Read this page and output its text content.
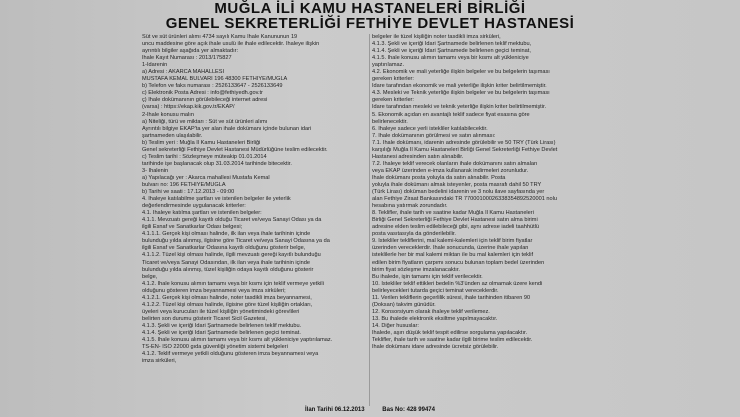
MUĞLA İLİ KAMU HASTANELERİ BİRLİĞİ
GENEL SEKRETERLİĞİ FETHİYE DEVLET HASTANESİ
Süt ve süt ürünleri alımı 4734 sayılı Kamu İhale Kanununun 19
uncu maddesine göre açık ihale usulü ile ihale edilecektir. İhaleye ilişkin
ayrıntılı bilgiler aşağıda yer almaktadır:
İhale Kayıt Numarası : 2013/175827
1-İdarenin
a) Adresi : AKARCA MAHALLESİ
MUSTAFA KEMAL BULVARI 196 48300 FETHİYE/MUĞLA
b) Telefon ve faks numarası : 2526133647 - 2526133649
c) Elektronik Posta Adresi : info@fethiyedh.gov.tr
ç) İhale dokümanının görülebileceği internet adresi
(varsa) : https://ekap.kik.gov.tr/EKAP/
2-İhale konusu malın
a) Niteliği, türü ve miktarı : Süt ve süt ürünleri alımı
Ayrıntılı bilgiye EKAP'ta yer alan ihale dokümanı içinde bulunan idari
şartnameden ulaşılabilir.
b) Teslim yeri : Muğla İl Kamu Hastaneleri Birliği
Genel sekreterliği Fethiye Devlet Hastanesi Müdürlüğüne teslim edilecektir.
c) Teslim tarihi : Sözleşmeye müteakip 01.01.2014
tarihinde işe başlanacak olup 31.03.2014 tarihinde bitecektir.
3- İhalenin
a) Yapılacağı yer : Akarca mahallesi Mustafa Kemal
bulvarı no: 196 FETHİYE/MUĞLA
b) Tarihi ve saati : 17.12.2013 - 09:00
4. İhaleye katılabilme şartları ve istenilen belgeler ile yeterlik
değerlendirmesinde uygulanacak kriterler:
4.1. İhaleye katılma şartları ve istenilen belgeler:
4.1.1. Mevzuatı gereği kayıtlı olduğu Ticaret ve/veya Sanayi Odası ya da
ilgili Esnaf ve Sanatkarlar Odası belgesi;
4.1.1.1. Gerçek kişi olması halinde, ilk ilan veya ihale tarihinin içinde
bulunduğu yılda alınmış, ilgisine göre Ticaret ve/veya Sanayi Odasına ya da
ilgili Esnaf ve Sanatkarlar Odasına kayıtlı olduğunu gösterir belge,
4.1.1.2. Tüzel kişi olması halinde, ilgili mevzuatı gereği kayıtlı bulunduğu
Ticaret ve/veya Sanayi Odasından, ilk ilan veya ihale tarihinin içinde
bulunduğu yılda alınmış, tüzel kişiliğin odaya kayıtlı olduğunu gösterir
belge,
4.1.2. İhale konusu alımın tamamı veya bir kısmı için teklif vermeye yetkili
olduğunu gösteren imza beyannamesi veya imza sirküleri;
4.1.2.1. Gerçek kişi olması halinde, noter tasdikli imza beyannamesi,
4.1.2.2. Tüzel kişi olması halinde, ilgisine göre tüzel kişiliğin ortakları,
üyeleri veya kurucuları ile tüzel kişiliğin yönetimindeki görevlileri
belirten son durumu gösterir Ticaret Sicil Gazetesi,
4.1.3. Şekli ve içeriği İdari Şartnamede belirlenen teklif mektubu.
4.1.4. Şekli ve içeriği İdari Şartnamede belirlenen geçici teminat.
4.1.5. İhale konusu alımın tamamı veya bir kısmı alt yükleniciye yaptırılamaz.
TS-EN- ISO 22000 gıda güvenliği yönetim sistemi belgeleri
4.1.2. Teklif vermeye yetkili olduğunu gösteren imza beyannamesi veya
imza sirküleri,
belgeler ile tüzel kişiliğin noter tasdikli imza sirküleri,
4.1.3. Şekli ve içeriği İdari Şartnamede belirlenen teklif mektubu,
4.1.4. Şekli ve içeriği İdari Şartnamede belirlenen geçici teminat,
4.1.5. İhale konusu alımın tamamı veya bir kısmı alt yükleniciye
yaptırılamaz.
4.2. Ekonomik ve mali yeterliğe ilişkin belgeler ve bu belgelerin taşıması
gereken kriterler:
İdare tarafından ekonomik ve mali yeterliğe ilişkin kriter belirtilmemiştir.
4.3. Mesleki ve Teknik yeterliğe ilişkin belgeler ve bu belgelerin taşıması
gereken kriterler:
İdare tarafından mesleki ve teknik yeterliğe ilişkin kriter belirtilmemiştir.
5. Ekonomik açıdan en avantajlı teklif sadece fiyat esasına göre
belirlenecektir.
6. İhaleye sadece yerli istekliler katılabilecektir.
7. İhale dokümanının görülmesi ve satın alınması:
7.1. İhale dokümanı, idarenin adresinde görülebilir ve 50 TRY (Türk Lirası)
karşılığı Muğla İl Kamu Hastaneleri Birliği Genel Sekreterliği Fethiye Devlet
Hastanesi adresinden satın alınabilir.
7.2. İhaleye teklif verecek olanların ihale dokümanını satın almaları
veya EKAP üzerinden e-imza kullanarak indirmeleri zorunludur.
İhale dokümanı posta yoluyla da satın alınabilir. Posta
yoluyla ihale dokümanı almak isteyenler, posta masrafı dahil 50 TRY
(Türk Lirası) doküman bedelini idarenin ve 3 nolu ilave sayfasında yer
alan Fethiye Ziraat Bankasındaki TR 77000100026338354892520001 nolu
hesabına yatırmak zorundadır.
8. Teklifler, ihale tarih ve saatine kadar Muğla İl Kamu Hastaneleri
Birliği Genel Sekreterliği Fethiye Devlet Hastanesi satın alma birimi
adresine elden teslim edilebileceği gibi, aynı adrese iadeli taahhütlü
posta vasıtasıyla da gönderilebilir.
9. İstekliler tekliflerini, mal kalemi-kalemleri için teklif birim fiyatlar
üzerinden vereceklerdir. İhale sonucunda, üzerine ihale yapılan
isteklilerle her bir mal kalemi miktarı ile bu mal kalemleri için teklif
edilen birim fiyatların çarpımı sonucu bulunan toplam bedel üzerinden
birim fiyat sözleşme imzalanacaktır.
Bu ihalede, işin tamamı için teklif verilecektir.
10. İstekliler teklif ettikleri bedelin %3'ünden az olmamak üzere kendi
belirleyecekleri tutarda geçici teminat vereceklerdir.
11. Verilen tekliflerin geçerlilik süresi, ihale tarihinden itibaren 90
(Doksan) takvim günüdür.
12. Konsorsiyum olarak ihaleye teklif verilemez.
13. Bu ihalede elektronik eksiltme yapılmayacaktır.
14. Diğer hususlar:
İhalede, aşırı düşük teklif tespit edilirse sorgulama yapılacaktır.
Teklifler, ihale tarih ve saatine kadar ilgili birime teslim edilecektir.
İhale dokümanı idare adresinde ücretsiz görülebilir.
İlan Tarihi 06.12.2013	Bas No: 428 99474
